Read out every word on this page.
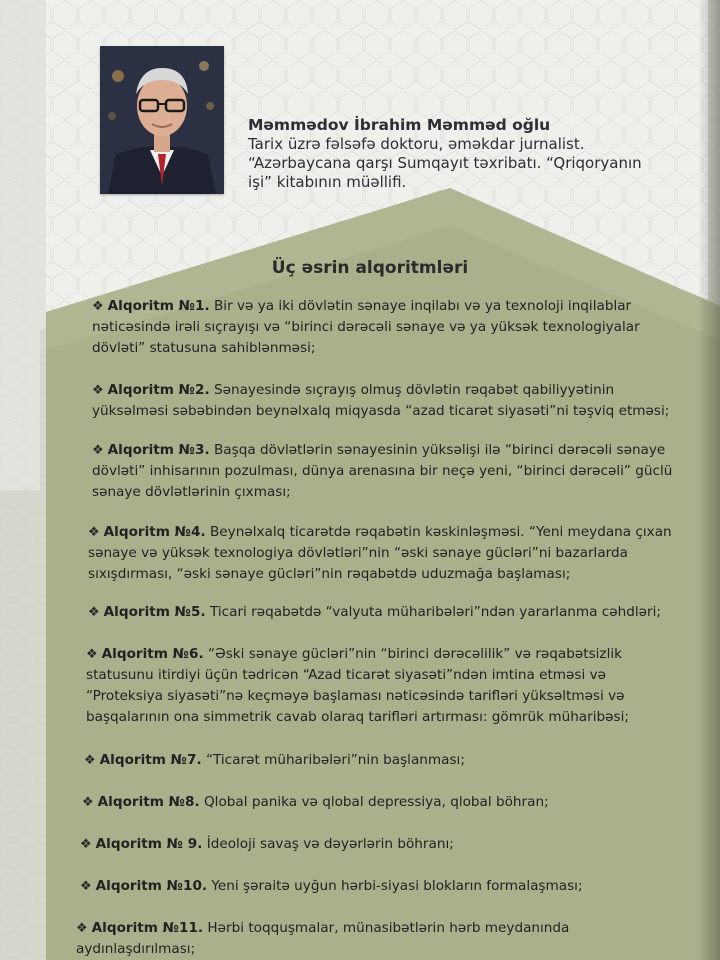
Məmmədov İbrahim Məmməd oğlu
Tarix üzrə fəlsəfə doktoru, əməkdar jurnalist.
“Azərbaycana qarşı Sumqayıt təxribatı. “Qriqoryanın
işi” kitabının müəllifi.
Üç əsrin alqoritmləri
❖ Alqoritm №1. Bir və ya iki dövlətin sənaye inqilabı və ya texnoloji inqilablar
nəticəsində irəli sıçrayışı və “birinci dərəcəli sənaye və ya yüksək texnologiyalar
dövləti” statusuna sahiblənməsi;
❖ Alqoritm №2. Sənayesində sıçrayış olmuş dövlətin rəqabət qabiliyyətinin
yüksəlməsi səbəbindən beynəlxalq miqyasda “azad ticarət siyasəti”ni təşviq etməsi;
❖ Alqoritm №3. Başqa dövlətlərin sənayesinin yüksəlişi ilə “birinci dərəcəli sənaye
dövləti” inhisarının pozulması, dünya arenasına bir neçə yeni, “birinci dərəcəli” güclü
sənaye dövlətlərinin çıxması;
❖ Alqoritm №4. Beynəlxalq ticarətdə rəqabətin kəskinləşməsi. “Yeni meydana çıxan
sənaye və yüksək texnologiya dövlətləri”nin “əski sənaye gücləri”ni bazarlarda
sıxışdırması, “əski sənaye gücləri”nin rəqabətdə uduzmağa başlaması;
❖ Alqoritm №5. Ticari rəqabətdə “valyuta müharibələri”ndən yararlanma cəhdləri;
❖ Alqoritm №6. “Əski sənaye gücləri”nin “birinci dərəcəlilik” və rəqabətsizlik
statusunu itirdiyi üçün tədricən “Azad ticarət siyasəti”ndən imtina etməsi və
“Proteksiya siyasəti”nə keçməyə başlaması nəticəsində tarifləri yüksəltməsi və
başqalarının ona simmetrik cavab olaraq tarifləri artırması: gömrük müharibəsi;
❖ Alqoritm №7. “Ticarət müharibələri”nin başlanması;
❖ Alqoritm №8. Qlobal panika və qlobal depressiya, qlobal böhran;
❖ Alqoritm № 9. İdeoloji savaş və dəyərlərin böhranı;
❖ Alqoritm №10. Yeni şəraitə uyğun hərbi-siyasi blokların formalaşması;
❖ Alqoritm №11. Hərbi toqquşmalar, münasibətlərin hərb meydanında
aydınlaşdırılması;
